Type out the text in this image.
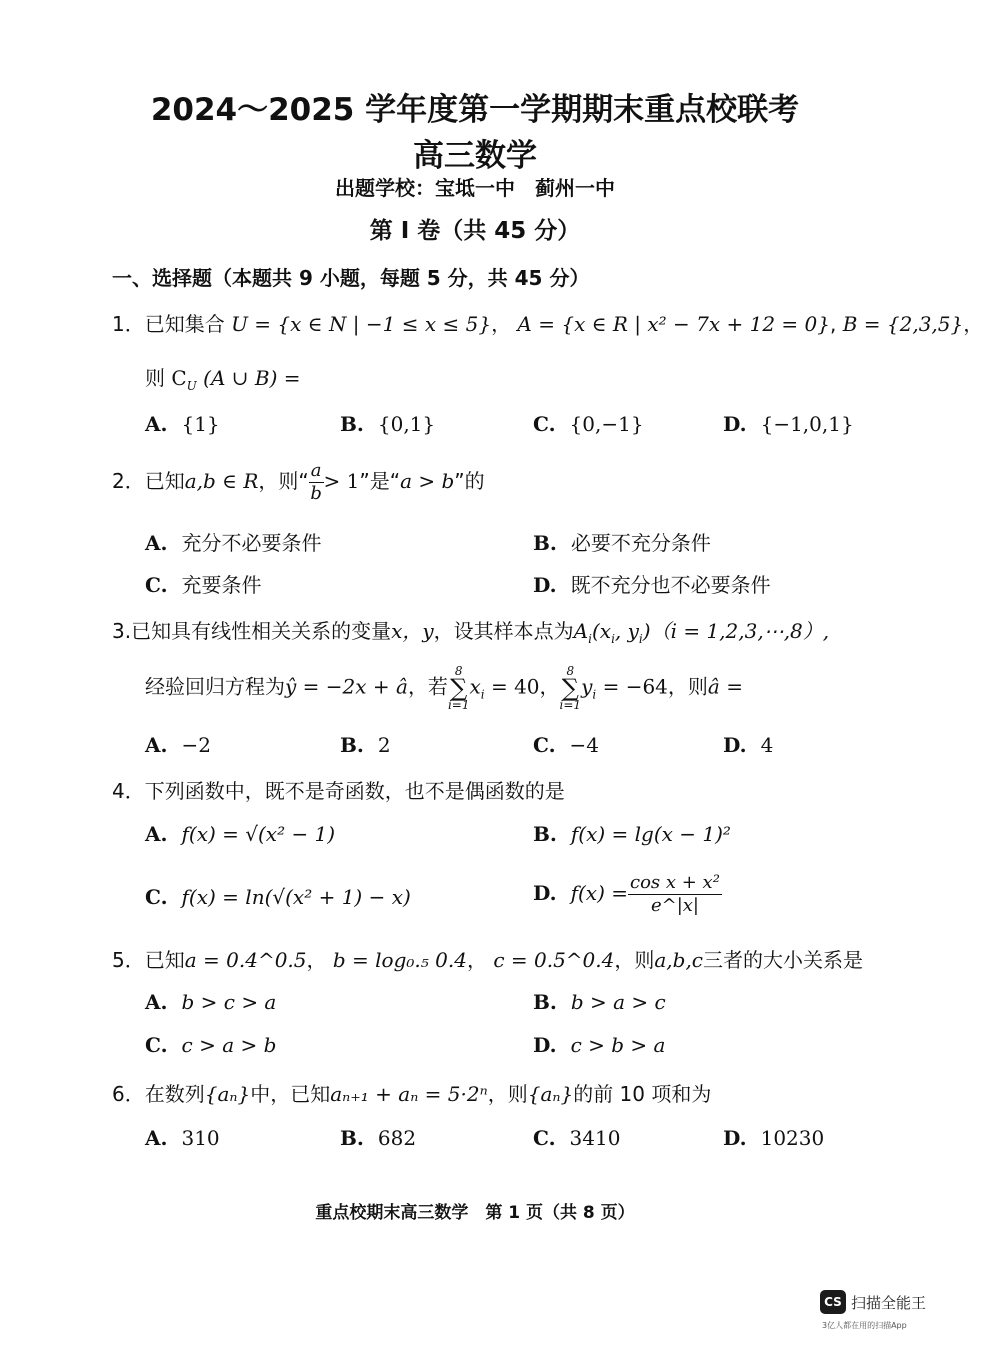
2024～2025 学年度第一学期期末重点校联考
高三数学
出题学校：宝坻一中　蓟州一中
第 Ⅰ 卷（共 45 分）
一、选择题（本题共 9 小题，每题 5 分，共 45 分）
1．已知集合 U = {x ∈ N | −1 ≤ x ≤ 5}， A = {x ∈ R | x² − 7x + 12 = 0}, B = {2,3,5}，
则 $C_U$ (A ∪ B) =
A. {1}	B. {0,1}	C. {0,−1}	D. {−1,0,1}
2．已知a,b ∈ R，则“ $\frac{a}{b} > 1$”是“a > b”的
A. 充分不必要条件	B. 必要不充分条件
C. 充要条件	D. 既不充分也不必要条件
3.已知具有线性相关关系的变量x，y，设其样本点为$A_i(x_i$, $y_i)(i$ = 1,2,3,⋯,8）,
经验回归方程为ŷ = −2x + â，若8
∑
$i=1x_i = 40$，8
∑
$i=1y_i = -64$，则â =
A. −2	B. 2	C. −4	D. 4
4．下列函数中，既不是奇函数，也不是偶函数的是
A. f(x) = √(x² − 1)	B. f(x) = lg(x − 1)²
C. f(x) = ln(√(x² + 1) − x)	D. $f(x) = \frac{\text{cos x + x²}}{e\^{}|x|}$
5．已知a = 0.4^0.5， b = log₀.₅ 0.4， c = 0.5^0.4，则a,b,c三者的大小关系是
A. b > c > a	B. b > a > c
C. c > a > b	D. c > b > a
6．在数列{aₙ}中，已知aₙ₊₁ + aₙ = 5·2ⁿ，则{aₙ}的前 10 项和为
A. 310	B. 682	C. 3410	D. 10230
重点校期末高三数学　第 1 页（共 8 页）
CS 扫描全能王
3亿人都在用的扫描App
